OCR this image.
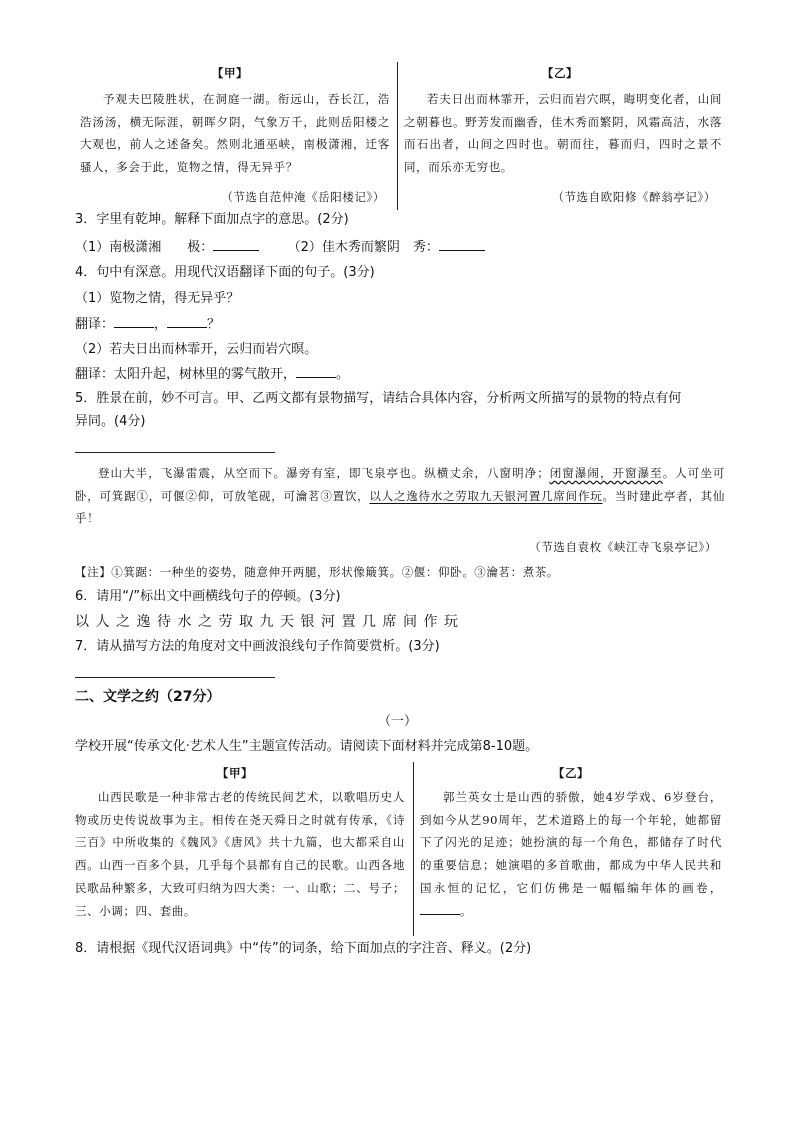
【甲】
予观夫巴陵胜状，在洞庭一湖。衔远山，吞长江，浩浩汤汤，横无际涯，朝晖夕阴，气象万千，此则岳阳楼之大观也，前人之述备矣。然则北通巫峡，南极潇湘，迁客骚人，多会于此，览物之情，得无异乎？
（节选自范仲淹《岳阳楼记》）
【乙】
若夫日出而林霏开，云归而岩穴暝，晦明变化者，山间之朝暮也。野芳发而幽香，佳木秀而繁阴，风霜高洁，水落而石出者，山间之四时也。朝而往，暮而归，四时之景不同，而乐亦无穷也。
（节选自欧阳修《醉翁亭记》）
3．字里有乾坤。解释下面加点字的意思。(2分)
（1）南极潇湘　　极：	（2）佳木秀而繁阴　秀：
4．句中有深意。用现代汉语翻译下面的句子。(3分)
（1）览物之情，得无异乎？
翻译：	，	？
（2）若夫日出而林霏开，云归而岩穴暝。
翻译：太阳升起，树林里的雾气散开，	。
5．胜景在前，妙不可言。甲、乙两文都有景物描写，请结合具体内容，分析两文所描写的景物的特点有何
异同。(4分)
登山大半，飞瀑雷震，从空而下。瀑旁有室，即飞泉亭也。纵横丈余，八窗明净；闭窗瀑闹，开窗瀑至。人可坐可卧，可箕踞①，可偃②仰，可放笔砚，可瀹茗③置饮，以人之逸待水之劳取九天银河置几席间作玩。当时建此亭者，其仙乎！
（节选自袁枚《峡江寺飞泉亭记》）
【注】①箕踞：一种坐的姿势，随意伸开两腿，形状像簸箕。②偃：仰卧。③瀹茗：煮茶。
6．请用“/”标出文中画横线句子的停顿。(3分)
以人之逸待水之劳取九天银河置几席间作玩
7．请从描写方法的角度对文中画波浪线句子作简要赏析。(3分)
二、文学之约（27分）
（一）
学校开展“传承文化·艺术人生”主题宣传活动。请阅读下面材料并完成第8-10题。
【甲】
山西民歌是一种非常古老的传统民间艺术，以歌唱历史人物或历史传说故事为主。相传在尧天舜日之时就有传承，《诗三百》中所收集的《魏风》《唐风》共十九篇，也大都采自山西。山西一百多个县，几乎每个县都有自己的民歌。山西各地民歌品种繁多，大致可归纳为四大类：一、山歌；二、号子；三、小调；四、套曲。
【乙】
郭兰英女士是山西的骄傲，她4岁学戏、6岁登台，到如今从艺90周年，艺术道路上的每一个年轮，她都留下了闪光的足迹；她扮演的每一个角色，都储存了时代的重要信息；她演唱的多首歌曲，都成为中华人民共和国永恒的记忆，它们仿佛是一幅幅编年体的画卷，。
8．请根据《现代汉语词典》中“传”的词条，给下面加点的字注音、释义。(2分)
